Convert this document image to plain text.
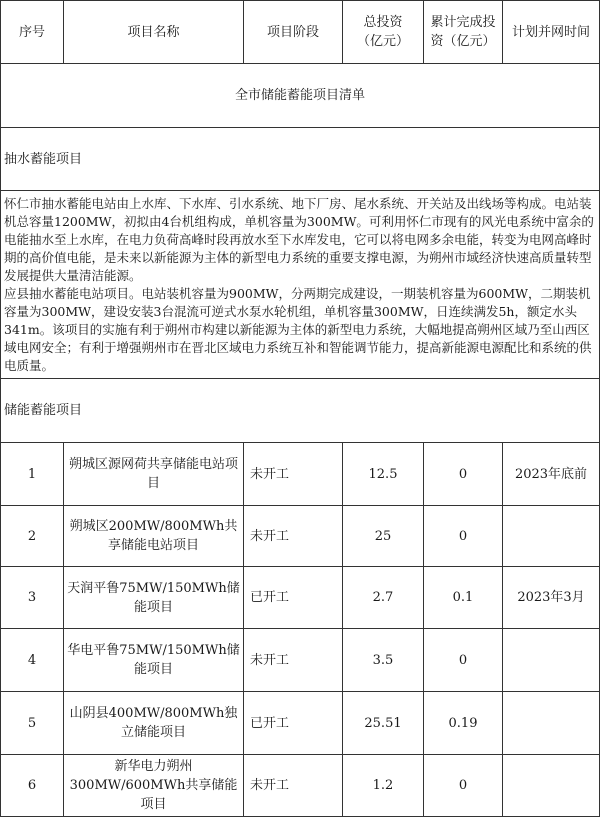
序号	项目名称	项目阶段	总投资（亿元）	累计完成投资（亿元）	计划并网时间
全市储能蓄能项目清单					
抽水蓄能项目					

怀仁市抽水蓄能电站由上水库、下水库、引水系统、地下厂房、尾水系统、开关站及出线场等构成。电站装机总容量1200MW，初拟由4台机组构成，单机容量为300MW。可利用怀仁市现有的风光电系统中富余的电能抽水至上水库，在电力负荷高峰时段再放水至下水库发电，它可以将电网多余电能，转变为电网高峰时期的高价值电能，是未来以新能源为主体的新型电力系统的重要支撑电源，为朔州市域经济快速高质量转型发展提供大量清洁能源。
应县抽水蓄能电站项目。电站装机容量为900MW，分两期完成建设，一期装机容量为600MW，二期装机容量为300MW，建设安装3台混流可逆式水泵水轮机组，单机容量300MW，日连续满发5h，额定水头341m。该项目的实施有利于朔州市构建以新能源为主体的新型电力系统，大幅地提高朔州区域乃至山西区域电网安全；有利于增强朔州市在晋北区域电力系统互补和智能调节能力，提高新能源电源配比和系统的供电质量。					

储能蓄能项目					
1	朔城区源网荷共享储能电站项目	未开工	12.5	0	2023年底前
2	朔城区200MW/800MWh共享储能电站项目	未开工	25	0	
3	天润平鲁75MW/150MWh储能项目	已开工	2.7	0.1	2023年3月
4	华电平鲁75MW/150MWh储能项目	未开工	3.5	0	
5	山阴县400MW/800MWh独立储能项目	已开工	25.51	0.19	
6	新华电力朔州300MW/600MWh共享储能项目	未开工	1.2	0	
